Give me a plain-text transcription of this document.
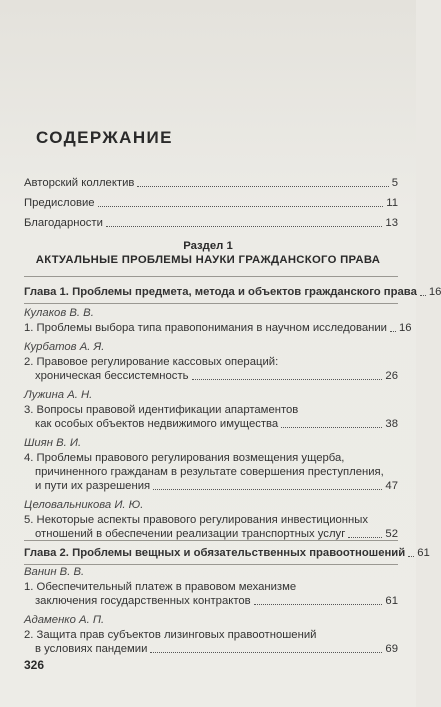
СОДЕРЖАНИЕ
Авторский коллектив	5
Предисловие	11
Благодарности	13
Раздел 1
АКТУАЛЬНЫЕ ПРОБЛЕМЫ НАУКИ ГРАЖДАНСКОГО ПРАВА
Глава 1. Проблемы предмета, метода и объектов гражданского права 16
Кулаков В. В.
1. Проблемы выбора типа правопонимания в научном исследовании 16
Курбатов А. Я.
2. Правовое регулирование кассовых операций:
хроническая бессистемность	26
Лужина А. Н.
3. Вопросы правовой идентификации апартаментов
как особых объектов недвижимого имущества	38
Шиян В. И.
4. Проблемы правового регулирования возмещения ущерба,
причиненного гражданам в результате совершения преступления,
и пути их разрешения	47
Целовальникова И. Ю.
5. Некоторые аспекты правового регулирования инвестиционных
отношений в обеспечении реализации транспортных услуг	52
Глава 2. Проблемы вещных и обязательственных правоотношений 61
Ванин В. В.
1. Обеспечительный платеж в правовом механизме
заключения государственных контрактов	61
Адаменко А. П.
2. Защита прав субъектов лизинговых правоотношений
в условиях пандемии	69
326
